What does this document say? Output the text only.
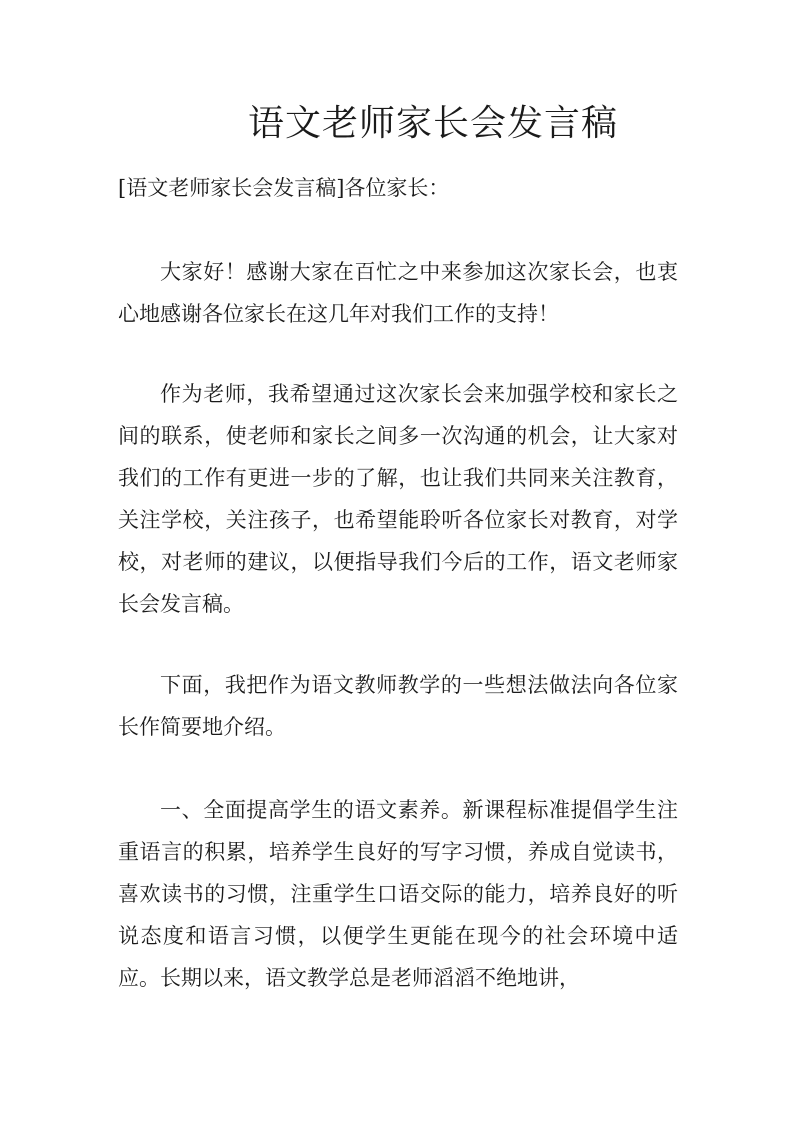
语文老师家长会发言稿
[语文老师家长会发言稿]各位家长：

大家好！感谢大家在百忙之中来参加这次家长会，也衷心地感谢各位家长在这几年对我们工作的支持！

作为老师，我希望通过这次家长会来加强学校和家长之间的联系，使老师和家长之间多一次沟通的机会，让大家对我们的工作有更进一步的了解，也让我们共同来关注教育，关注学校，关注孩子，也希望能聆听各位家长对教育，对学校，对老师的建议，以便指导我们今后的工作，语文老师家长会发言稿。

下面，我把作为语文教师教学的一些想法做法向各位家长作简要地介绍。

一、全面提高学生的语文素养。新课程标准提倡学生注重语言的积累，培养学生良好的写字习惯，养成自觉读书，喜欢读书的习惯，注重学生口语交际的能力，培养良好的听说态度和语言习惯，以便学生更能在现今的社会环境中适应。长期以来，语文教学总是老师滔滔不绝地讲，
